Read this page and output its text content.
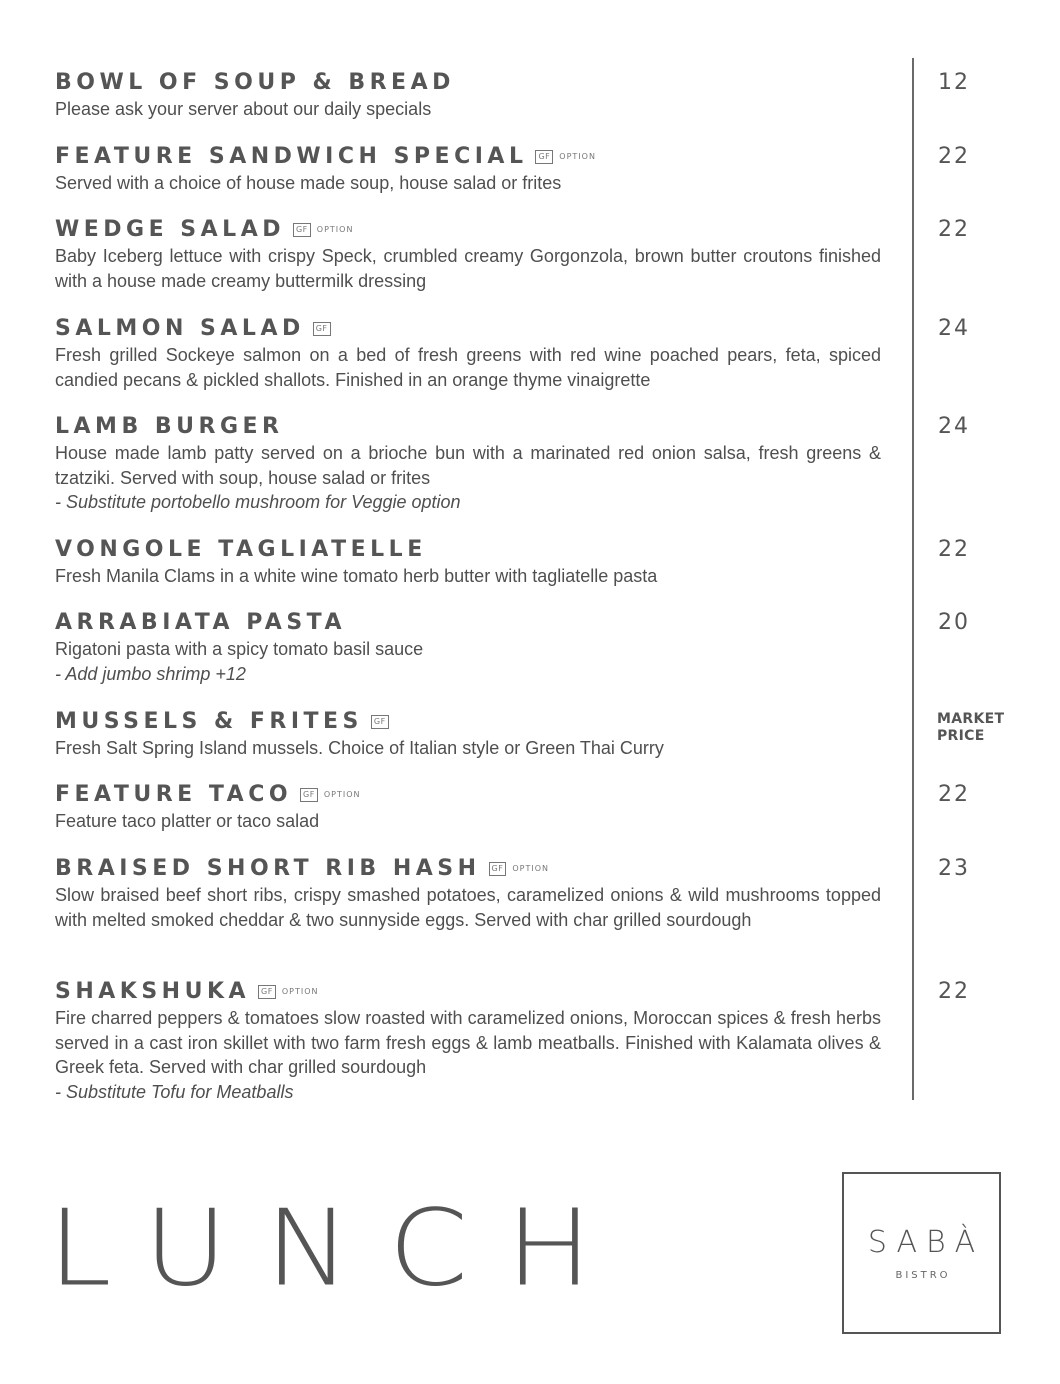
BOWL OF SOUP & BREAD
Please ask your server about our daily specials
12
FEATURE SANDWICH SPECIAL	GF	OPTION
Served with a choice of house made soup, house salad or frites
22
WEDGE SALAD	GF	OPTION
Baby Iceberg lettuce with crispy Speck, crumbled creamy Gorgonzola, brown butter croutons finished with a house made creamy buttermilk dressing
22
SALMON SALAD	GF
Fresh grilled Sockeye salmon on a bed of fresh greens with red wine poached pears, feta, spiced candied pecans & pickled shallots. Finished in an orange thyme vinaigrette
24
LAMB BURGER
House made lamb patty served on a brioche bun with a marinated red onion salsa, fresh greens & tzatziki. Served with soup, house salad or frites
- Substitute portobello mushroom for Veggie option
24
VONGOLE TAGLIATELLE
Fresh Manila Clams in a white wine tomato herb butter with tagliatelle pasta
22
ARRABIATA PASTA
Rigatoni pasta with a spicy tomato basil sauce
- Add jumbo shrimp +12
20
MUSSELS & FRITES	GF
Fresh Salt Spring Island mussels. Choice of Italian style or Green Thai Curry
MARKET
PRICE
FEATURE TACO	GF	OPTION
Feature taco platter or taco salad
22
BRAISED SHORT RIB HASH	GF	OPTION
Slow braised beef short ribs, crispy smashed potatoes, caramelized onions & wild mushrooms topped with melted smoked cheddar & two sunnyside eggs. Served with char grilled sourdough
23
SHAKSHUKA	GF	OPTION
Fire charred peppers & tomatoes slow roasted with caramelized onions, Moroccan spices & fresh herbs served in a cast iron skillet with two farm fresh eggs & lamb meatballs. Finished with Kalamata olives & Greek feta. Served with char grilled sourdough
- Substitute Tofu for Meatballs
22
LUNCH	SABÀ
BISTRO
